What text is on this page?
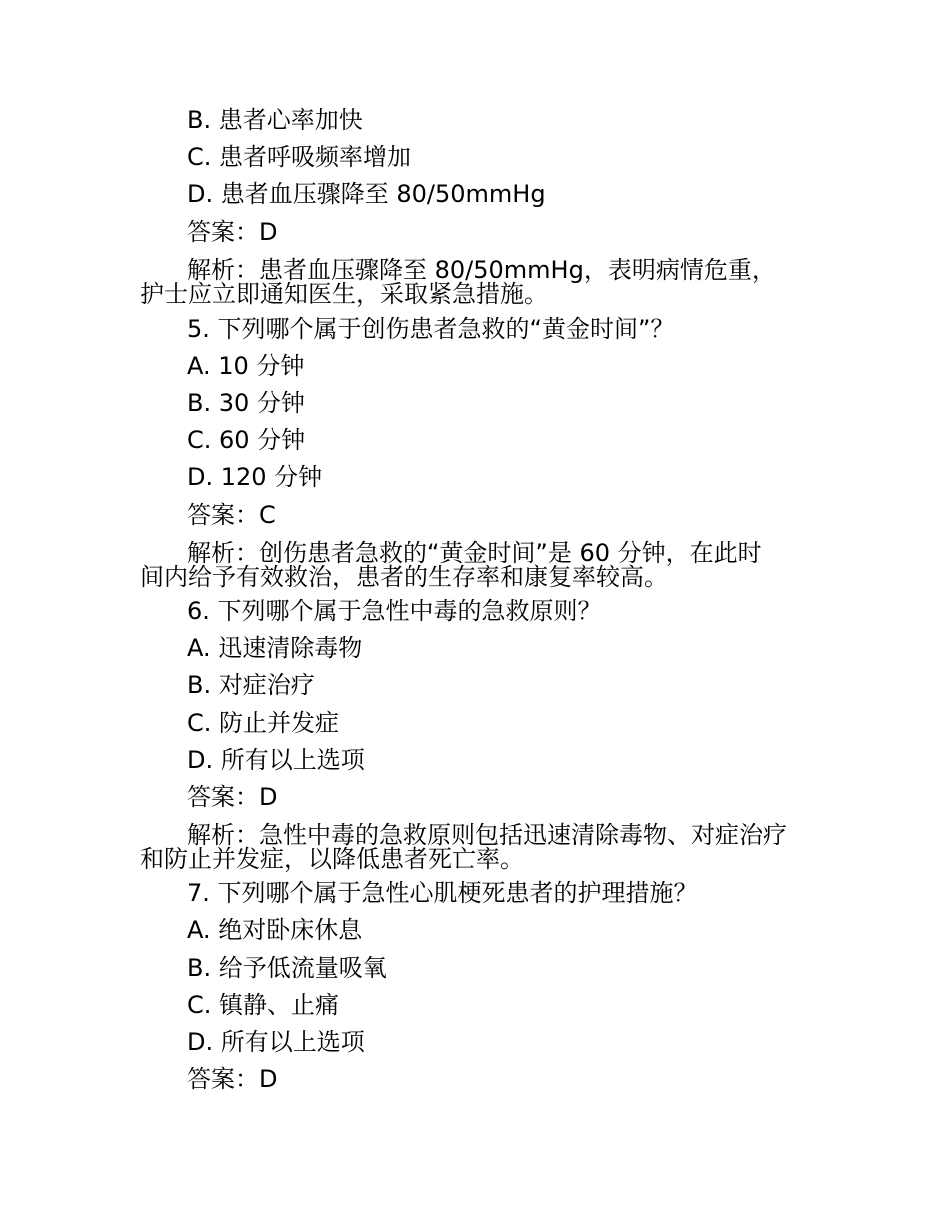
B. 患者心率加快
C. 患者呼吸频率增加
D. 患者血压骤降至 80/50mmHg
答案：D
解析：患者血压骤降至 80/50mmHg，表明病情危重，
护士应立即通知医生，采取紧急措施。
5. 下列哪个属于创伤患者急救的“黄金时间”？
A. 10 分钟
B. 30 分钟
C. 60 分钟
D. 120 分钟
答案：C
解析：创伤患者急救的“黄金时间”是 60 分钟，在此时
间内给予有效救治，患者的生存率和康复率较高。
6. 下列哪个属于急性中毒的急救原则？
A. 迅速清除毒物
B. 对症治疗
C. 防止并发症
D. 所有以上选项
答案：D
解析：急性中毒的急救原则包括迅速清除毒物、对症治疗
和防止并发症，以降低患者死亡率。
7. 下列哪个属于急性心肌梗死患者的护理措施？
A. 绝对卧床休息
B. 给予低流量吸氧
C. 镇静、止痛
D. 所有以上选项
答案：D
